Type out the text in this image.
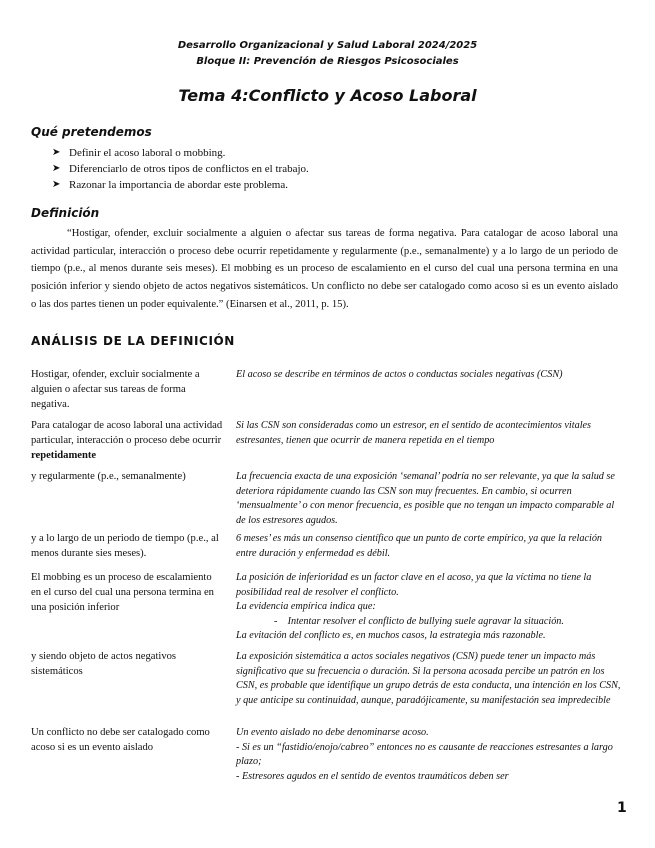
Desarrollo Organizacional y Salud Laboral 2024/2025
Bloque II: Prevención de Riesgos Psicosociales
Tema 4:Conflicto y Acoso Laboral
Qué pretendemos
➤ Definir el acoso laboral o mobbing.
➤ Diferenciarlo de otros tipos de conflictos en el trabajo.
➤ Razonar la importancia de abordar este problema.
Definición

“Hostigar, ofender, excluir socialmente a alguien o afectar sus tareas de forma negativa. Para catalogar de acoso laboral una actividad particular, interacción o proceso debe ocurrir repetidamente y regularmente (p.e., semanalmente) y a lo largo de un periodo de tiempo (p.e., al menos durante seis meses). El mobbing es un proceso de escalamiento en el curso del cual una persona termina en una posición inferior y siendo objeto de actos negativos sistemáticos. Un conflicto no debe ser catalogado como acoso si es un evento aislado o las dos partes tienen un poder equivalente.” (Einarsen et al., 2011, p. 15).

ANÁLISIS DE LA DEFINICIÓN
Hostigar, ofender, excluir socialmente a alguien o afectar sus tareas de forma negativa.
El acoso se describe en términos de actos o conductas sociales negativas (CSN)
Para catalogar de acoso laboral una actividad particular, interacción o proceso debe ocurrir repetidamente
Si las CSN son consideradas como un estresor, en el sentido de acontecimientos vitales estresantes, tienen que ocurrir de manera repetida en el tiempo
y regularmente (p.e., semanalmente)	La frecuencia exacta de una exposición ‘semanal’ podría no ser relevante, ya que la salud se deteriora rápidamente cuando las CSN son muy frecuentes. En cambio, si ocurren ‘mensualmente’ o con menor frecuencia, es posible que no tengan un impacto comparable al de los estresores agudos.
y a lo largo de un periodo de tiempo (p.e., al menos durante sies meses).
6 meses’ es más un consenso científico que un punto de corte empírico, ya que la relación entre duración y enfermedad es débil.
El mobbing es un proceso de escalamiento en el curso del cual una persona termina en una posición inferior
La posición de inferioridad es un factor clave en el acoso, ya que la víctima no tiene la posibilidad real de resolver el conflicto.
La evidencia empírica indica que:
- Intentar resolver el conflicto de bullying suele agravar la situación.
La evitación del conflicto es, en muchos casos, la estrategia más razonable.
y siendo objeto de actos negativos sistemáticos
La exposición sistemática a actos sociales negativos (CSN) puede tener un impacto más significativo que su frecuencia o duración. Si la persona acosada percibe un patrón en los CSN, es probable que identifique un grupo detrás de esta conducta, una intención en los CSN, y que anticipe su continuidad, aunque, paradójicamente, su manifestación sea impredecible
Un conflicto no debe ser catalogado como acoso si es un evento aislado
Un evento aislado no debe denominarse acoso.
- Si es un “fastidio/enojo/cabreo” entonces no es causante de reacciones estresantes a largo plazo;
- Estresores agudos en el sentido de eventos traumáticos deben ser
1
